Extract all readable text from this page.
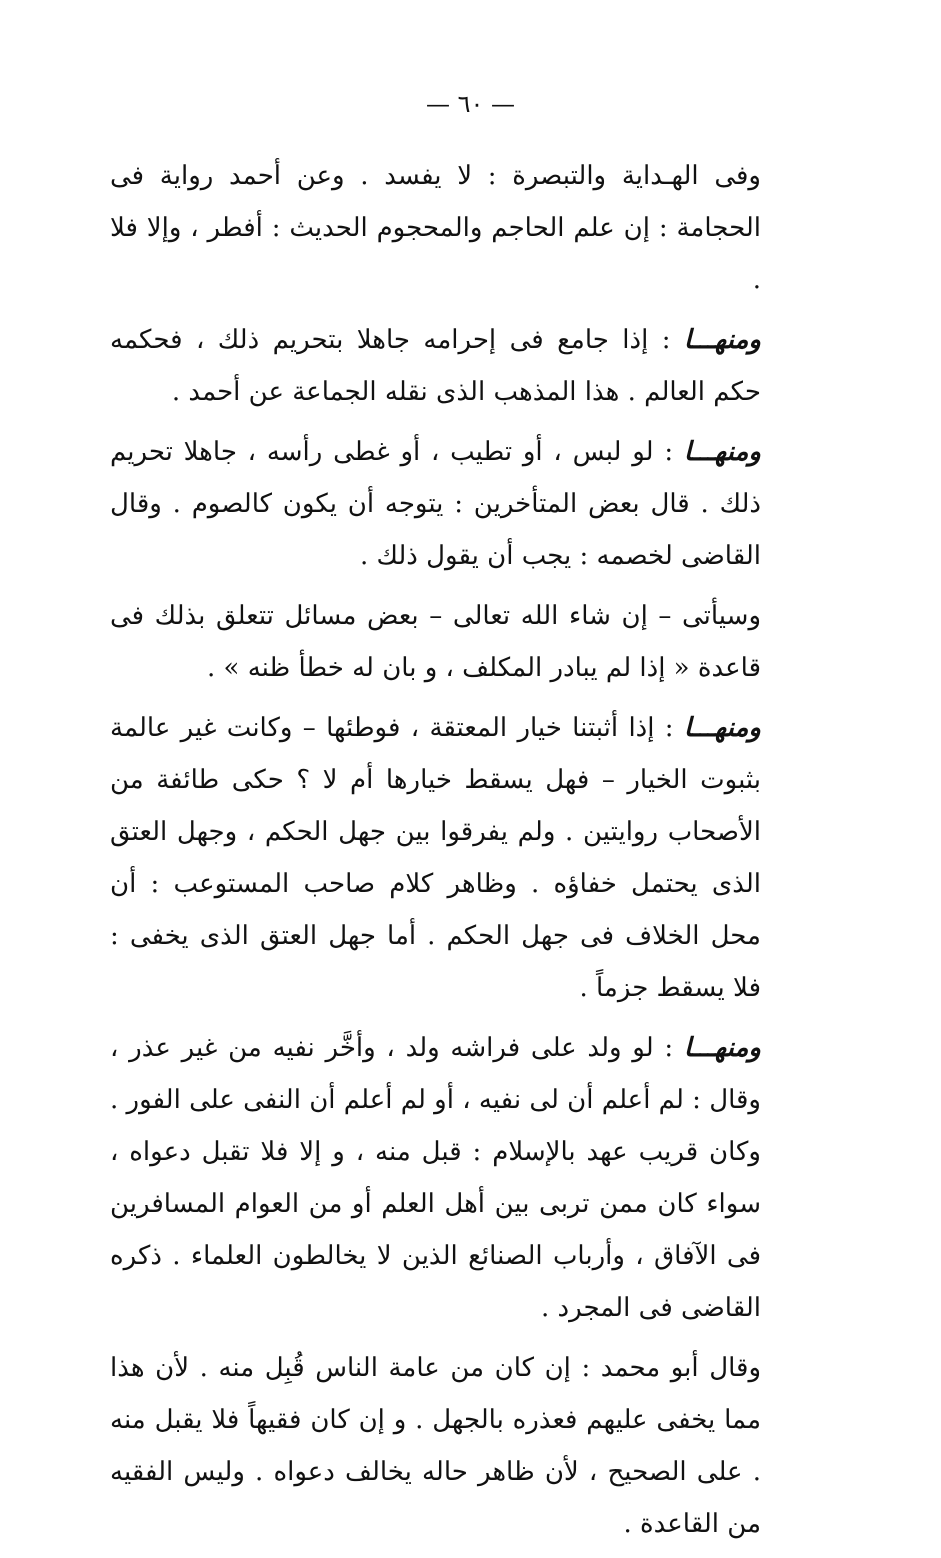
— ٦٠ —

وفى الهـداية والتبصرة : لا يفسد . وعن أحمد رواية فى الحجامة : إن علم الحاجم والمحجوم الحديث : أفطر ، وإلا فلا .

ومنهـــا : إذا جامع فى إحرامه جاهلا بتحريم ذلك ، فحكمه حكم العالم . هذا المذهب الذى نقله الجماعة عن أحمد .

ومنهـــا : لو لبس ، أو تطيب ، أو غطى رأسه ، جاهلا تحريم ذلك . قال بعض المتأخرين : يتوجه أن يكون كالصوم . وقال القاضى لخصمه : يجب أن يقول ذلك .

وسيأتى – إن شاء الله تعالى – بعض مسائل تتعلق بذلك فى قاعدة « إذا لم يبادر المكلف ، و بان له خطأ ظنه » .

ومنهـــا : إذا أثبتنا خيار المعتقة ، فوطئها – وكانت غير عالمة بثبوت الخيار – فهل يسقط خيارها أم لا ؟ حكى طائفة من الأصحاب روايتين . ولم يفرقوا بين جهل الحكم ، وجهل العتق الذى يحتمل خفاؤه . وظاهر كلام صاحب المستوعب : أن محل الخلاف فى جهل الحكم . أما جهل العتق الذى يخفى : فلا يسقط جزماً .

ومنهـــا : لو ولد على فراشه ولد ، وأخَّر نفيه من غير عذر ، وقال : لم أعلم أن لى نفيه ، أو لم أعلم أن النفى على الفور . وكان قريب عهد بالإسلام : قبل منه ، و إلا فلا تقبل دعواه ، سواء كان ممن تربى بين أهل العلم أو من العوام المسافرين فى الآفاق ، وأرباب الصنائع الذين لا يخالطون العلماء . ذكره القاضى فى المجرد .

وقال أبو محمد : إن كان من عامة الناس قُبِل منه . لأن هذا مما يخفى عليهم فعذره بالجهل . و إن كان فقيهاً فلا يقبل منه . على الصحيح ، لأن ظاهر حاله يخالف دعواه . وليس الفقيه من القاعدة .
